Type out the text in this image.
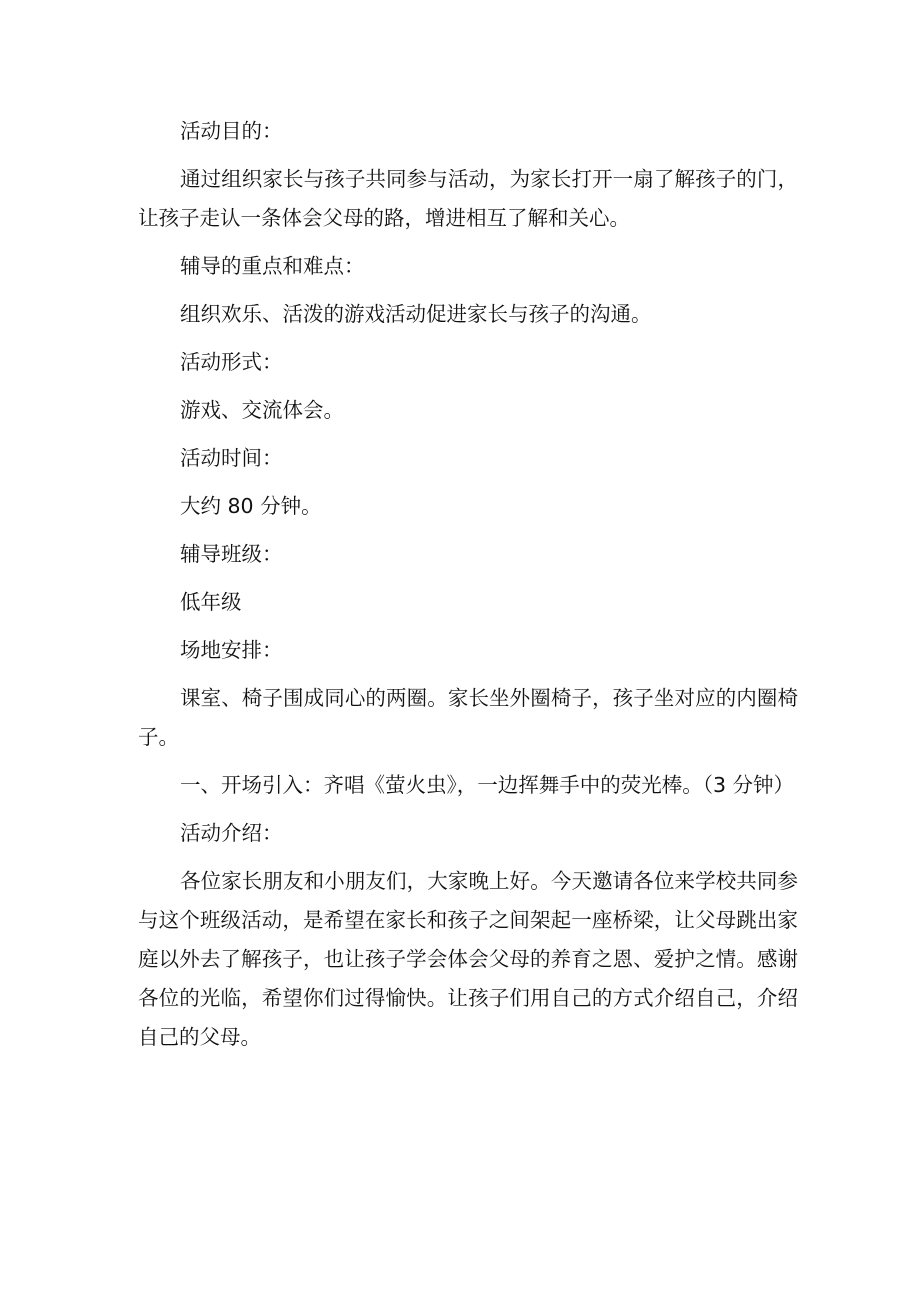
活动目的：

通过组织家长与孩子共同参与活动，为家长打开一扇了解孩子的门，让孩子走认一条体会父母的路，增进相互了解和关心。

辅导的重点和难点：

组织欢乐、活泼的游戏活动促进家长与孩子的沟通。

活动形式：

游戏、交流体会。

活动时间：

大约 80 分钟。

辅导班级：

低年级

场地安排：

课室、椅子围成同心的两圈。家长坐外圈椅子，孩子坐对应的内圈椅子。

一、开场引入：齐唱《萤火虫》，一边挥舞手中的荧光棒。（3 分钟）

活动介绍：

各位家长朋友和小朋友们，大家晚上好。今天邀请各位来学校共同参与这个班级活动，是希望在家长和孩子之间架起一座桥梁，让父母跳出家庭以外去了解孩子，也让孩子学会体会父母的养育之恩、爱护之情。感谢各位的光临，希望你们过得愉快。让孩子们用自己的方式介绍自己，介绍自己的父母。
